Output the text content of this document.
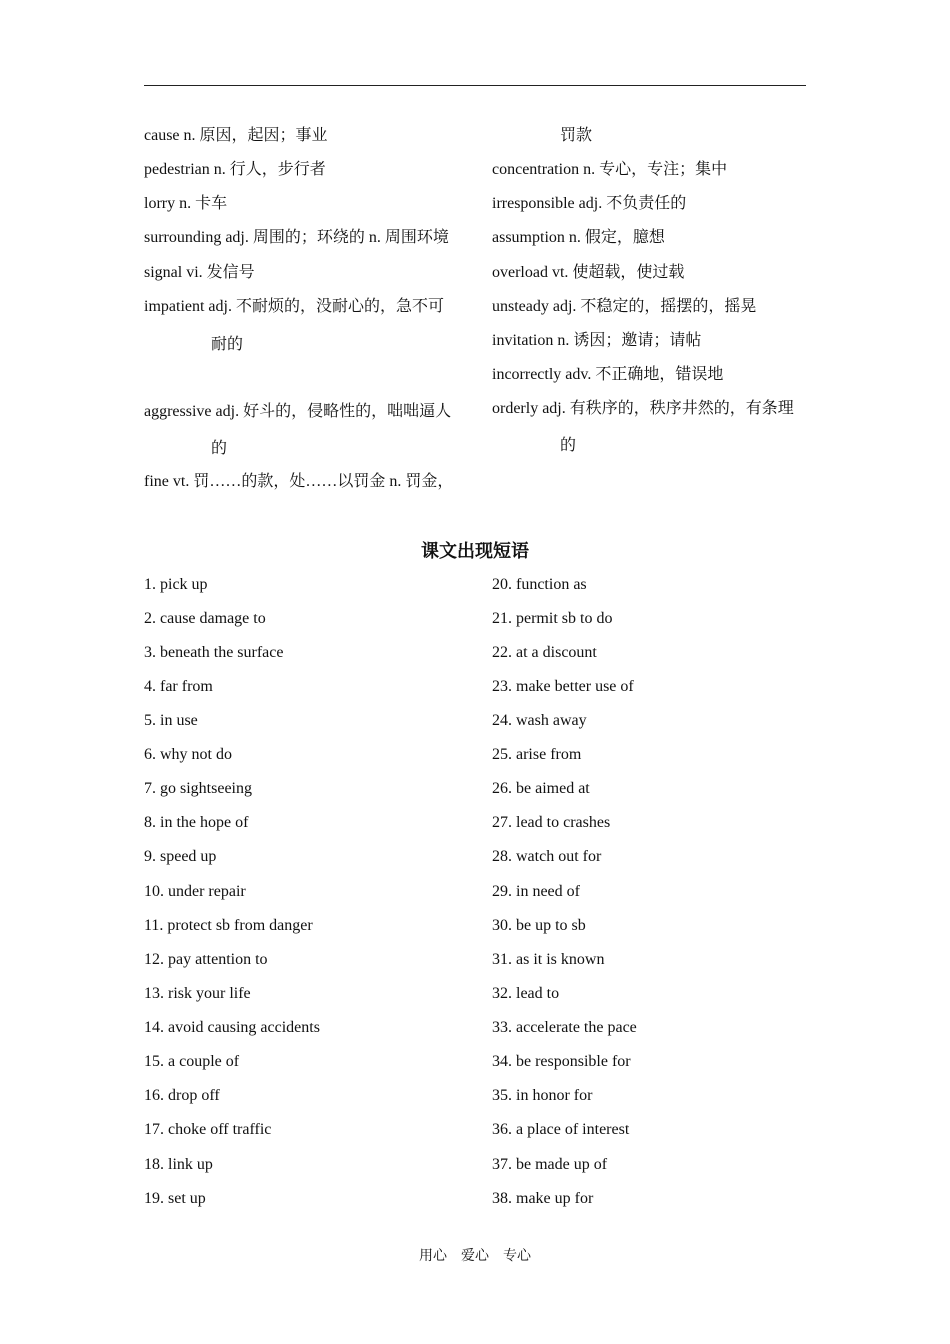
cause n. 原因，起因；事业
pedestrian n. 行人，步行者
lorry n. 卡车
surrounding adj. 周围的；环绕的 n. 周围环境
signal vi. 发信号
impatient adj. 不耐烦的，没耐心的，急不可
耐的
aggressive adj. 好斗的，侵略性的，咄咄逼人
的
fine vt. 罚……的款，处……以罚金 n. 罚金，
罚款
concentration n. 专心，专注；集中
irresponsible adj. 不负责任的
assumption n. 假定，臆想
overload vt. 使超载，使过载
unsteady adj. 不稳定的，摇摆的，摇晃
invitation n. 诱因；邀请；请帖
incorrectly adv. 不正确地，错误地
orderly adj. 有秩序的，秩序井然的，有条理
的
课文出现短语
1. pick up
2. cause damage to
3. beneath the surface
4. far from
5. in use
6. why not do
7. go sightseeing
8. in the hope of
9. speed up
10. under repair
11. protect sb from danger
12. pay attention to
13. risk your life
14. avoid causing accidents
15. a couple of
16. drop off
17. choke off traffic
18. link up
19. set up
20. function as
21. permit sb to do
22. at a discount
23. make better use of
24. wash away
25. arise from
26. be aimed at
27. lead to crashes
28. watch out for
29. in need of
30. be up to sb
31. as it is known
32. lead to
33. accelerate the pace
34. be responsible for
35. in honor for
36. a place of interest
37. be made up of
38. make up for
用心　爱心　专心
